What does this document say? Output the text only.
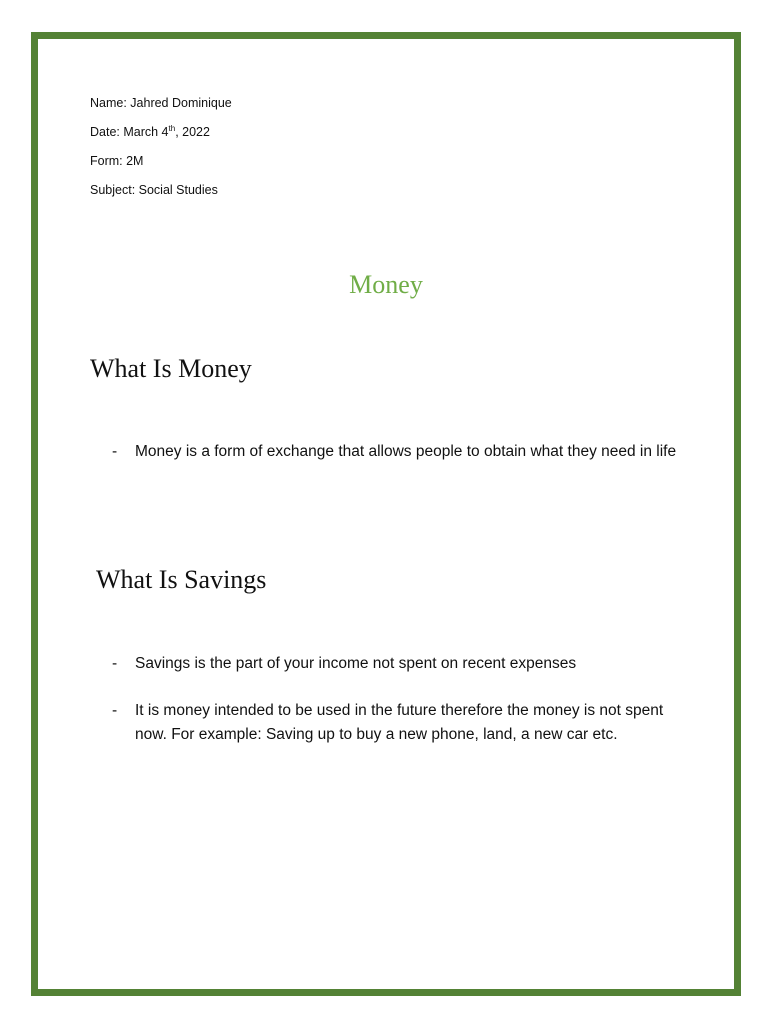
Name: Jahred Dominique
Date: March 4th, 2022
Form: 2M
Subject: Social Studies
Money
What Is Money
- Money is a form of exchange that allows people to obtain what they need in life
What Is Savings
- Savings is the part of your income not spent on recent expenses
- It is money intended to be used in the future therefore the money is not spent now. For example: Saving up to buy a new phone, land, a new car etc.
